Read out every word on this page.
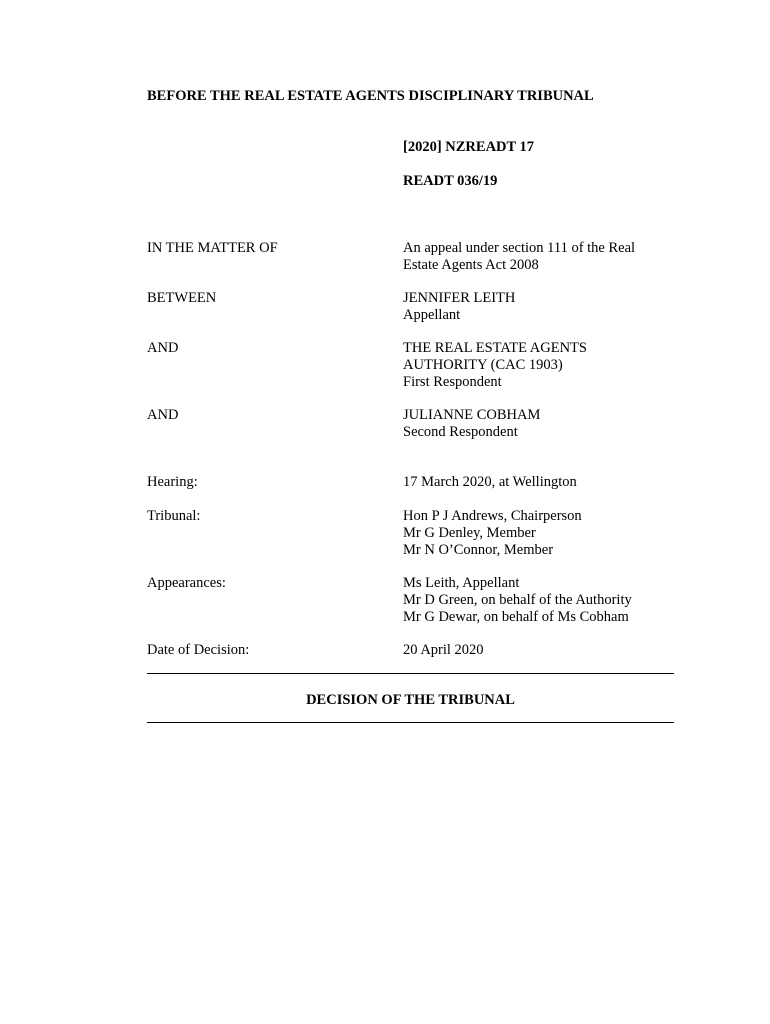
BEFORE THE REAL ESTATE AGENTS DISCIPLINARY TRIBUNAL
[2020] NZREADT 17
READT 036/19
IN THE MATTER OF	An appeal under section 111 of the Real
Estate Agents Act 2008
BETWEEN	JENNIFER LEITH
Appellant
AND	THE REAL ESTATE AGENTS
AUTHORITY (CAC 1903)
First Respondent
AND	JULIANNE COBHAM
Second Respondent
Hearing:	17 March 2020, at Wellington
Tribunal:	Hon P J Andrews, Chairperson
Mr G Denley, Member
Mr N O’Connor, Member
Appearances:	Ms Leith, Appellant
Mr D Green, on behalf of the Authority
Mr G Dewar, on behalf of Ms Cobham
Date of Decision:	20 April 2020
DECISION OF THE TRIBUNAL
